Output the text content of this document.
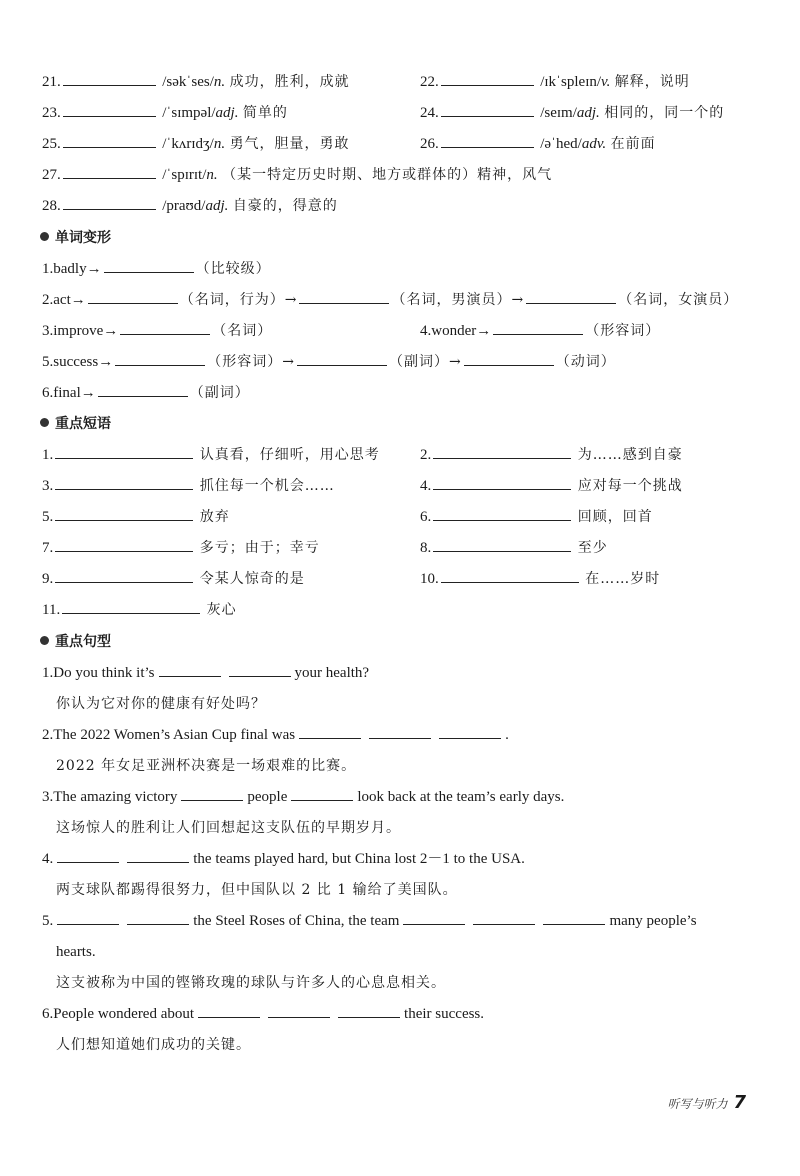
21.	/səkˈses/n. 成功，胜利，成就	22.	/ɪkˈspleɪn/v. 解释，说明
23.	/ˈsɪmpəl/adj. 简单的	24.	/seɪm/adj. 相同的，同一个的
25.	/ˈkʌrɪdʒ/n. 勇气，胆量，勇敢	26.	/əˈhed/adv. 在前面
27.	/ˈspɪrɪt/n. （某一特定历史时期、地方或群体的）精神，风气
28.	/praʊd/adj. 自豪的，得意的
单词变形
1.badly→	（比较级）
2.act→	（名词，行为）→	（名词，男演员）→	（名词，女演员）
3.improve→	（名词）	4.wonder→	（形容词）
5.success→	（形容词）→	（副词）→	（动词）
6.final→	（副词）
重点短语
1.	认真看，仔细听，用心思考	2.	为……感到自豪
3.	抓住每一个机会……	4.	应对每一个挑战
5.	放弃	6.	回顾，回首
7.	多亏；由于；幸亏	8.	至少
9.	令某人惊奇的是	10.	在……岁时
11.	灰心
重点句型
1.Do you think it’s	your health?
你认为它对你的健康有好处吗？
2.The 2022 Women’s Asian Cup final was	.
2022 年女足亚洲杯决赛是一场艰难的比赛。
3.The amazing victory	people	look back at the team’s early days.
这场惊人的胜利让人们回想起这支队伍的早期岁月。
4.	the teams played hard, but China lost 2－1 to the USA.
两支球队都踢得很努力，但中国队以 2 比 1 输给了美国队。
5.	the Steel Roses of China, the team	many people’s
hearts.
这支被称为中国的铿锵玫瑰的球队与许多人的心息息相关。
6.People wondered about	their success.
人们想知道她们成功的关键。
听写与听力 7
